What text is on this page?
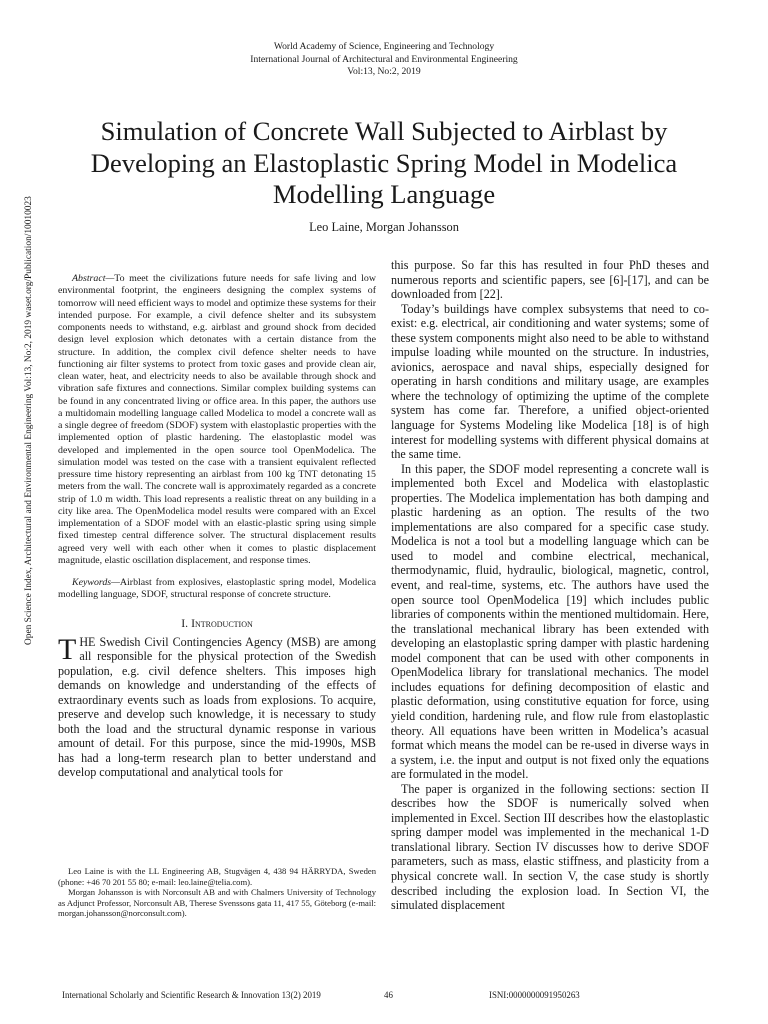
World Academy of Science, Engineering and Technology
International Journal of Architectural and Environmental Engineering
Vol:13, No:2, 2019
Simulation of Concrete Wall Subjected to Airblast by Developing an Elastoplastic Spring Model in Modelica Modelling Language
Leo Laine, Morgan Johansson
Open Science Index, Architectural and Environmental Engineering Vol:13, No:2, 2019 waset.org/Publication/10010023	Abstract—To meet the civilizations future needs for safe living and low environmental footprint, the engineers designing the complex systems of tomorrow will need efficient ways to model and optimize these systems for their intended purpose. For example, a civil defence shelter and its subsystem components needs to withstand, e.g. airblast and ground shock from decided design level explosion which detonates with a certain distance from the structure. In addition, the complex civil defence shelter needs to have functioning air filter systems to protect from toxic gases and provide clean air, clean water, heat, and electricity needs to also be available through shock and vibration safe fixtures and connections. Similar complex building systems can be found in any concentrated living or office area. In this paper, the authors use a multidomain modelling language called Modelica to model a concrete wall as a single degree of freedom (SDOF) system with elastoplastic properties with the implemented option of plastic hardening. The elastoplastic model was developed and implemented in the open source tool OpenModelica. The simulation model was tested on the case with a transient equivalent reflected pressure time history representing an airblast from 100 kg TNT detonating 15 meters from the wall. The concrete wall is approximately regarded as a concrete strip of 1.0 m width. This load represents a realistic threat on any building in a city like area. The OpenModelica model results were compared with an Excel implementation of a SDOF model with an elastic-plastic spring using simple fixed timestep central difference solver. The structural displacement results agreed very well with each other when it comes to plastic displacement magnitude, elastic oscillation displacement, and response times.

Keywords—Airblast from explosives, elastoplastic spring model, Modelica modelling language, SDOF, structural response of concrete structure.

I. Introduction

THE Swedish Civil Contingencies Agency (MSB) are among all responsible for the physical protection of the Swedish population, e.g. civil defence shelters. This imposes high demands on knowledge and understanding of the effects of extraordinary events such as loads from explosions. To acquire, preserve and develop such knowledge, it is necessary to study both the load and the structural dynamic response in various amount of detail. For this purpose, since the mid-1990s, MSB has had a long-term research plan to better understand and develop computational and analytical tools for

Leo Laine is with the LL Engineering AB, Stugvägen 4, 438 94 HÄRRYDA, Sweden (phone: +46 70 201 55 80; e-mail: leo.laine@telia.com).

Morgan Johansson is with Norconsult AB and with Chalmers University of Technology as Adjunct Professor, Norconsult AB, Therese Svenssons gata 11, 417 55, Göteborg (e-mail: morgan.johansson@norconsult.com).

this purpose. So far this has resulted in four PhD theses and numerous reports and scientific papers, see [6]-[17], and can be downloaded from [22].

Today’s buildings have complex subsystems that need to co-exist: e.g. electrical, air conditioning and water systems; some of these system components might also need to be able to withstand impulse loading while mounted on the structure. In industries, avionics, aerospace and naval ships, especially designed for operating in harsh conditions and military usage, are examples where the technology of optimizing the uptime of the complete system has come far. Therefore, a unified object-oriented language for Systems Modeling like Modelica [18] is of high interest for modelling systems with different physical domains at the same time.

In this paper, the SDOF model representing a concrete wall is implemented both Excel and Modelica with elastoplastic properties. The Modelica implementation has both damping and plastic hardening as an option. The results of the two implementations are also compared for a specific case study. Modelica is not a tool but a modelling language which can be used to model and combine electrical, mechanical, thermodynamic, fluid, hydraulic, biological, magnetic, control, event, and real-time, systems, etc. The authors have used the open source tool OpenModelica [19] which includes public libraries of components within the mentioned multidomain. Here, the translational mechanical library has been extended with developing an elastoplastic spring damper with plastic hardening model component that can be used with other components in OpenModelica library for translational mechanics. The model includes equations for defining decomposition of elastic and plastic deformation, using constitutive equation for force, using yield condition, hardening rule, and flow rule from elastoplastic theory. All equations have been written in Modelica’s acasual format which means the model can be re-used in diverse ways in a system, i.e. the input and output is not fixed only the equations are formulated in the model.

The paper is organized in the following sections: section II describes how the SDOF is numerically solved when implemented in Excel. Section III describes how the elastoplastic spring damper model was implemented in the mechanical 1-D translational library. Section IV discusses how to derive SDOF parameters, such as mass, elastic stiffness, and plasticity from a physical concrete wall. In section V, the case study is shortly described including the explosion load. In Section VI, the simulated displacement

International Scholarly and Scientific Research & Innovation 13(2) 2019	46	ISNI:0000000091950263
